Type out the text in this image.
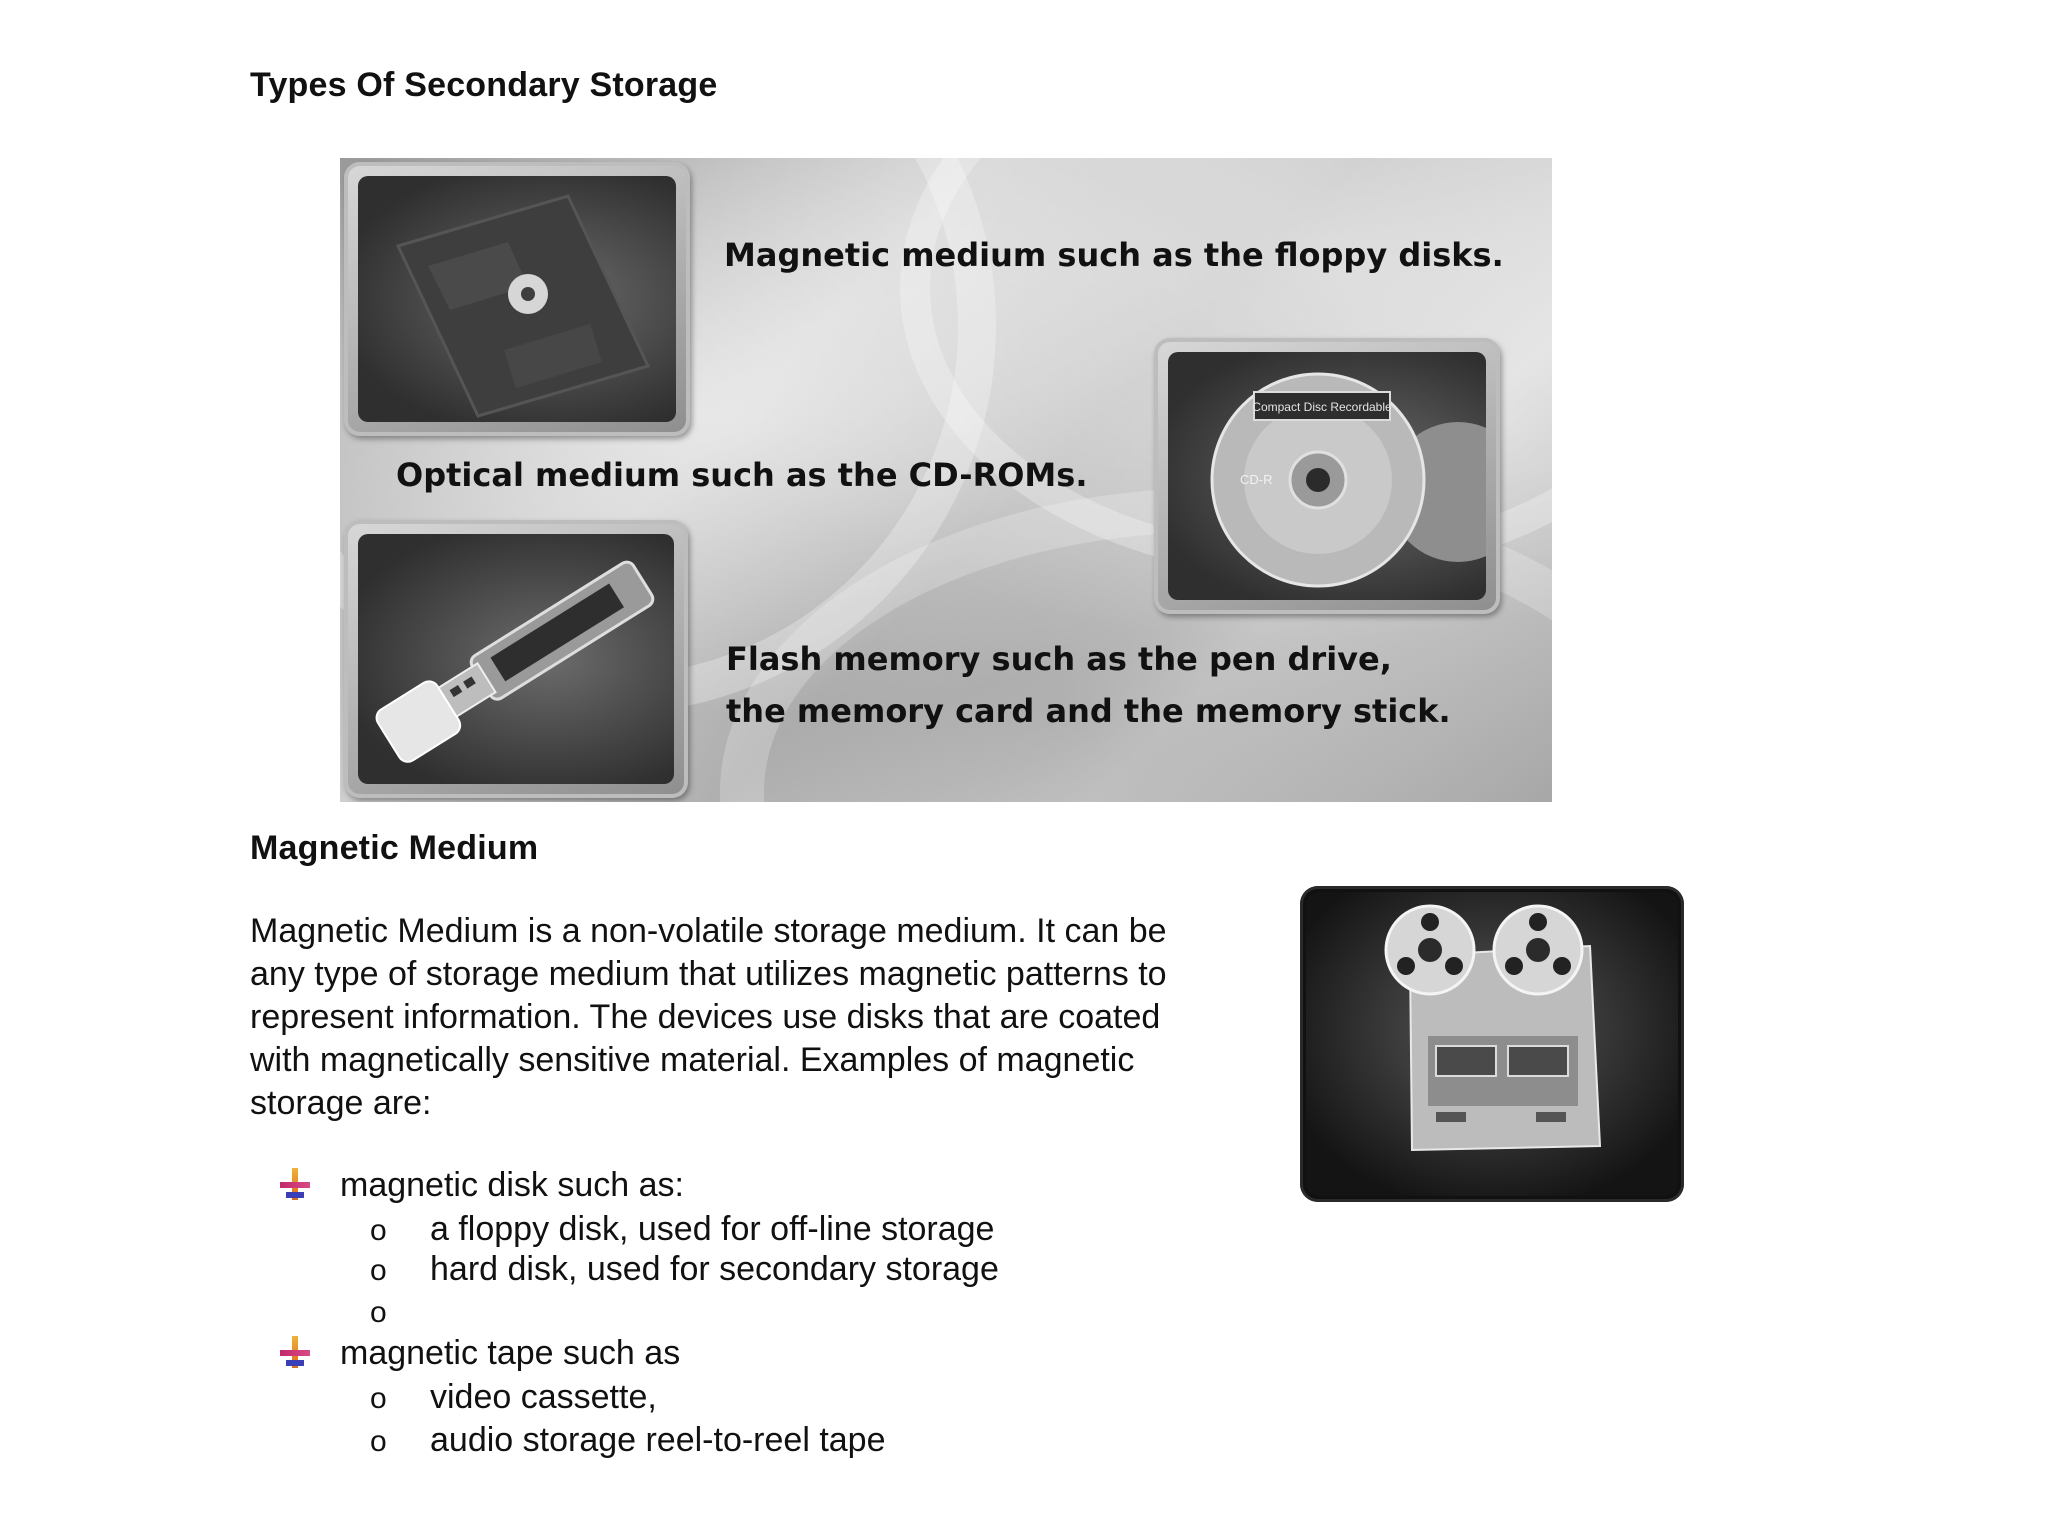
Types Of Secondary Storage
Compact Disc Recordable
CD-R
Magnetic medium such as the floppy disks.
Optical medium such as the CD-ROMs.
Flash memory such as the pen drive,
the memory card and the memory stick.
Magnetic Medium
Magnetic Medium is a non-volatile storage medium. It can be
any type of storage medium that utilizes magnetic patterns to
represent information. The devices use disks that are coated
with magnetically sensitive material. Examples of magnetic
storage are:
magnetic disk such as:
o a floppy disk, used for off-line storage
o hard disk, used for secondary storage
o
magnetic tape such as
o video cassette,
o audio storage reel-to-reel tape
